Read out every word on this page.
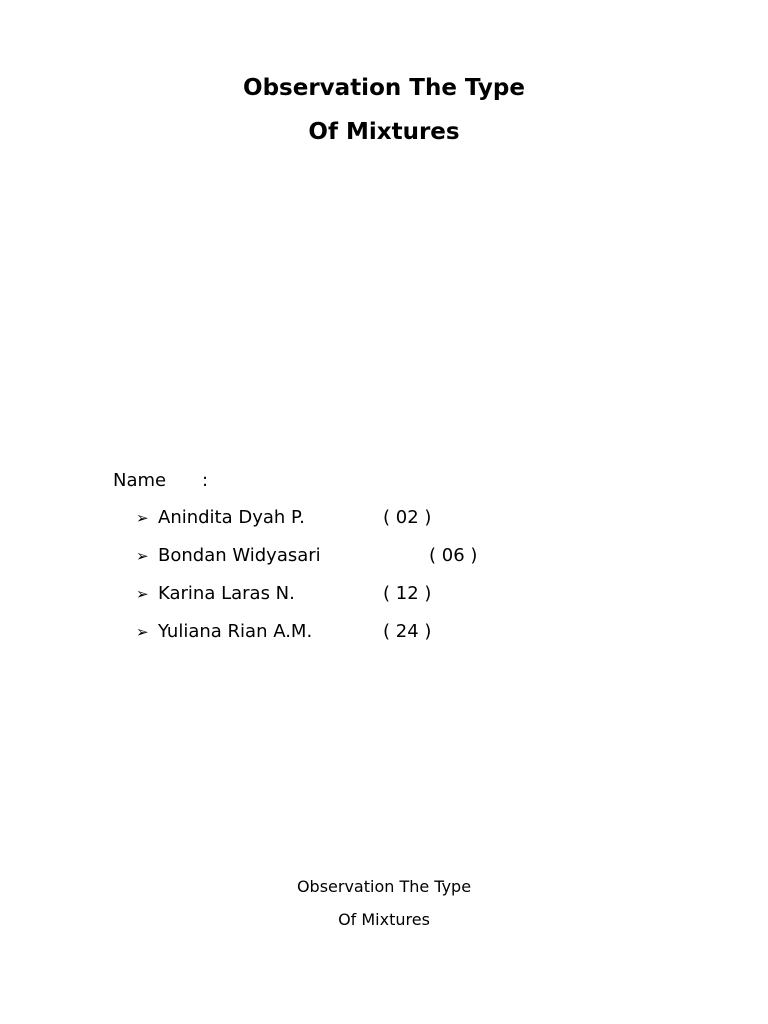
Observation The Type
Of Mixtures
Name :
➢ Anindita Dyah P.	( 02 )
➢ Bondan Widyasari	( 06 )
➢ Karina Laras N.	( 12 )
➢ Yuliana Rian A.M.	( 24 )
Observation The Type
Of Mixtures
